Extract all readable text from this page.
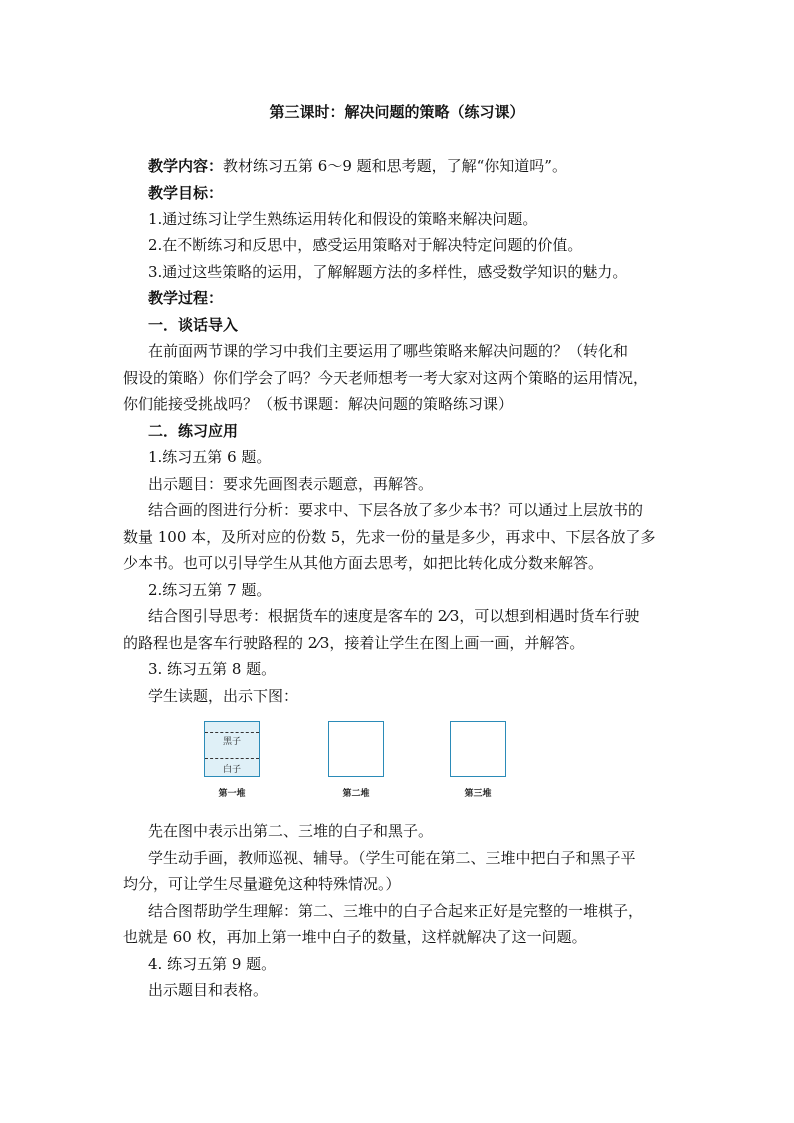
第三课时：解决问题的策略（练习课）
教学内容：教材练习五第 6～9 题和思考题，了解“你知道吗”。
教学目标：
1.通过练习让学生熟练运用转化和假设的策略来解决问题。
2.在不断练习和反思中，感受运用策略对于解决特定问题的价值。
3.通过这些策略的运用，了解解题方法的多样性，感受数学知识的魅力。
教学过程：
一．谈话导入
在前面两节课的学习中我们主要运用了哪些策略来解决问题的？（转化和
假设的策略）你们学会了吗？今天老师想考一考大家对这两个策略的运用情况，
你们能接受挑战吗？（板书课题：解决问题的策略练习课）
二．练习应用
1.练习五第 6 题。
出示题目：要求先画图表示题意，再解答。
结合画的图进行分析：要求中、下层各放了多少本书？可以通过上层放书的
数量 100 本，及所对应的份数 5，先求一份的量是多少，再求中、下层各放了多
少本书。也可以引导学生从其他方面去思考，如把比转化成分数来解答。
2.练习五第 7 题。
结合图引导思考：根据货车的速度是客车的 2⁄3，可以想到相遇时货车行驶
的路程也是客车行驶路程的 2⁄3，接着让学生在图上画一画，并解答。
3. 练习五第 8 题。
学生读题，出示下图：
黑子
白子
第一堆	第二堆	第三堆
先在图中表示出第二、三堆的白子和黑子。
学生动手画，教师巡视、辅导。（学生可能在第二、三堆中把白子和黑子平
均分，可让学生尽量避免这种特殊情况。）
结合图帮助学生理解：第二、三堆中的白子合起来正好是完整的一堆棋子，
也就是 60 枚，再加上第一堆中白子的数量，这样就解决了这一问题。
4. 练习五第 9 题。
出示题目和表格。
